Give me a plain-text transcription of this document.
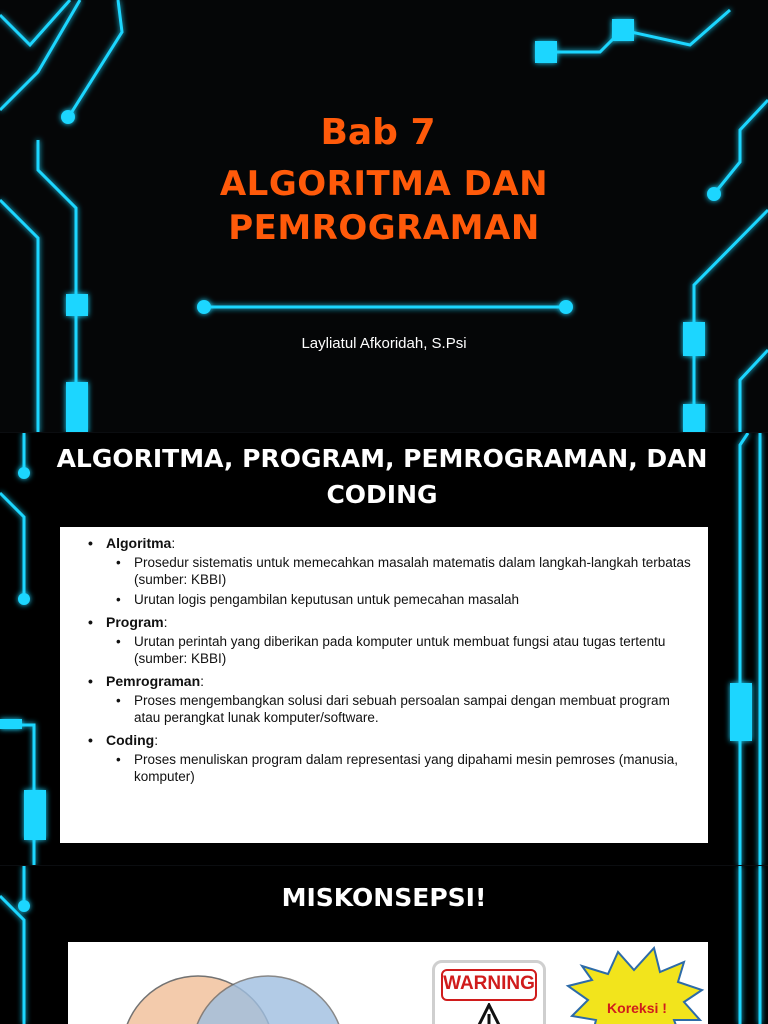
Bab 7
ALGORITMA DAN PEMROGRAMAN
Layliatul Afkoridah, S.Psi
ALGORITMA, PROGRAM, PEMROGRAMAN, DAN CODING
• Algoritma:
• Prosedur sistematis untuk memecahkan masalah matematis dalam langkah-langkah terbatas (sumber: KBBI)
• Urutan logis pengambilan keputusan untuk pemecahan masalah
• Program:
• Urutan perintah yang diberikan pada komputer untuk membuat fungsi atau tugas tertentu (sumber: KBBI)
• Pemrograman:
• Proses mengembangkan solusi dari sebuah persoalan sampai dengan membuat program atau perangkat lunak komputer/software.
• Coding:
• Proses menuliskan program dalam representasi yang dipahami mesin pemroses (manusia, komputer)
MISKONSEPSI!
WARNING
Koreksi !
